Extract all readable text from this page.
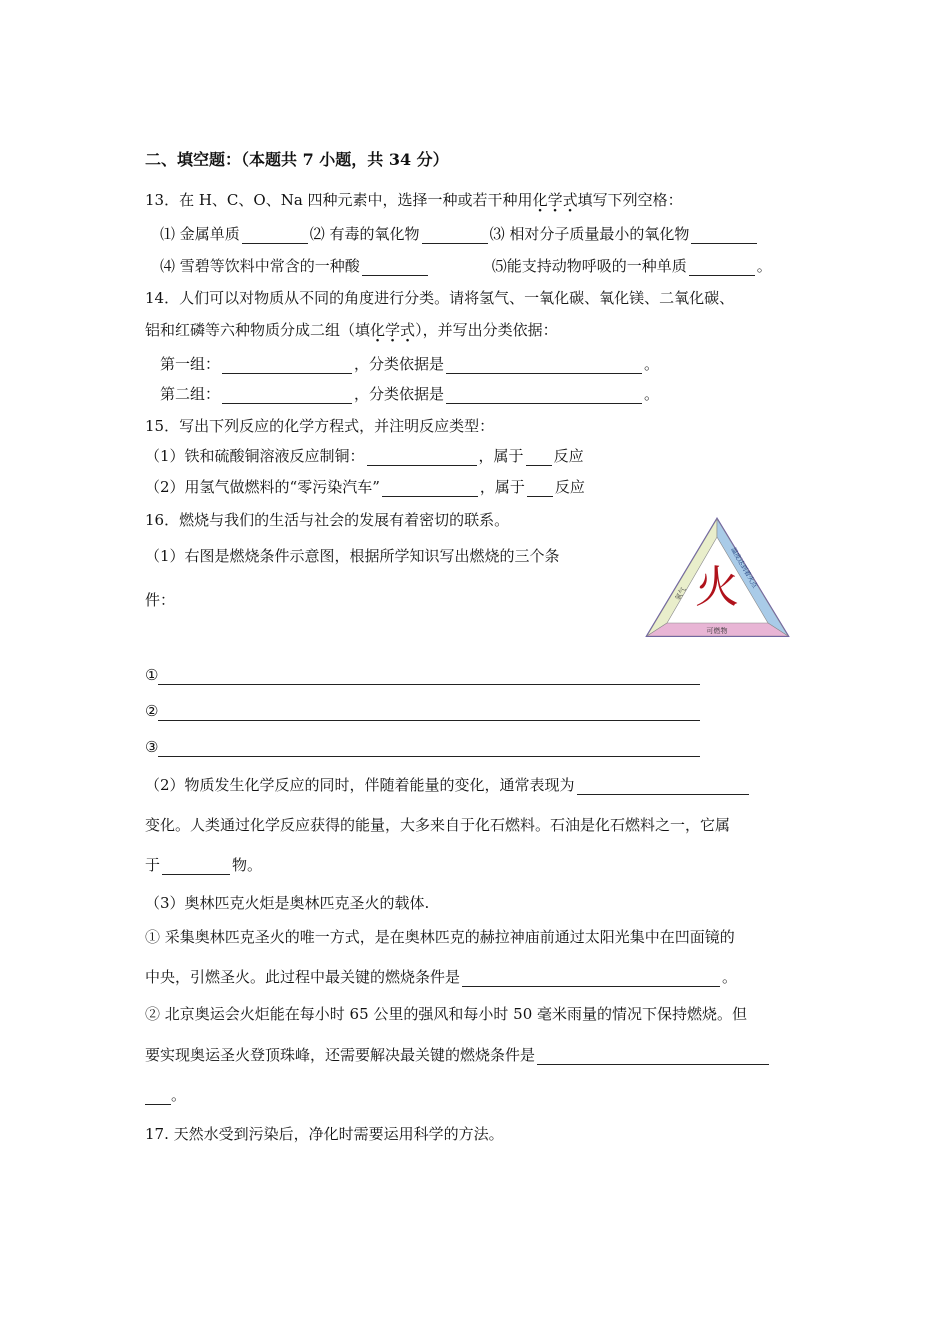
二、填空题：（本题共 7 小题，共 34 分）
13．在 H、C、O、Na 四种元素中，选择一种或若干种用化学式填写下列空格：
⑴ 金属单质	⑵ 有毒的氧化物	⑶ 相对分子质量最小的氧化物
⑷ 雪碧等饮料中常含的一种酸	⑸能支持动物呼吸的一种单质	。
14．人们可以对物质从不同的角度进行分类。请将氢气、一氧化碳、氧化镁、二氧化碳、
铝和红磷等六种物质分成二组（填化学式），并写出分类依据：
第一组：	，分类依据是	。
第二组：	，分类依据是	。
15．写出下列反应的化学方程式，并注明反应类型：
（1）铁和硫酸铜溶液反应制铜：	，属于 反应
（2）用氢气做燃料的“零污染汽车”	，属于 反应
16．燃烧与我们的生活与社会的发展有着密切的联系。
（1）右图是燃烧条件示意图，根据所学知识写出燃烧的三个条
件：	火
氧气
温度达到着火点
可燃物
①
②
③
（2）物质发生化学反应的同时，伴随着能量的变化，通常表现为
变化。人类通过化学反应获得的能量，大多来自于化石燃料。石油是化石燃料之一，它属
于	物。
（3）奥林匹克火炬是奥林匹克圣火的载体.
① 采集奥林匹克圣火的唯一方式，是在奥林匹克的赫拉神庙前通过太阳光集中在凹面镜的
中央，引燃圣火。此过程中最关键的燃烧条件是	。
② 北京奥运会火炬能在每小时 65 公里的强风和每小时 50 毫米雨量的情况下保持燃烧。但
要实现奥运圣火登顶珠峰，还需要解决最关键的燃烧条件是
。
17. 天然水受到污染后，净化时需要运用科学的方法。
